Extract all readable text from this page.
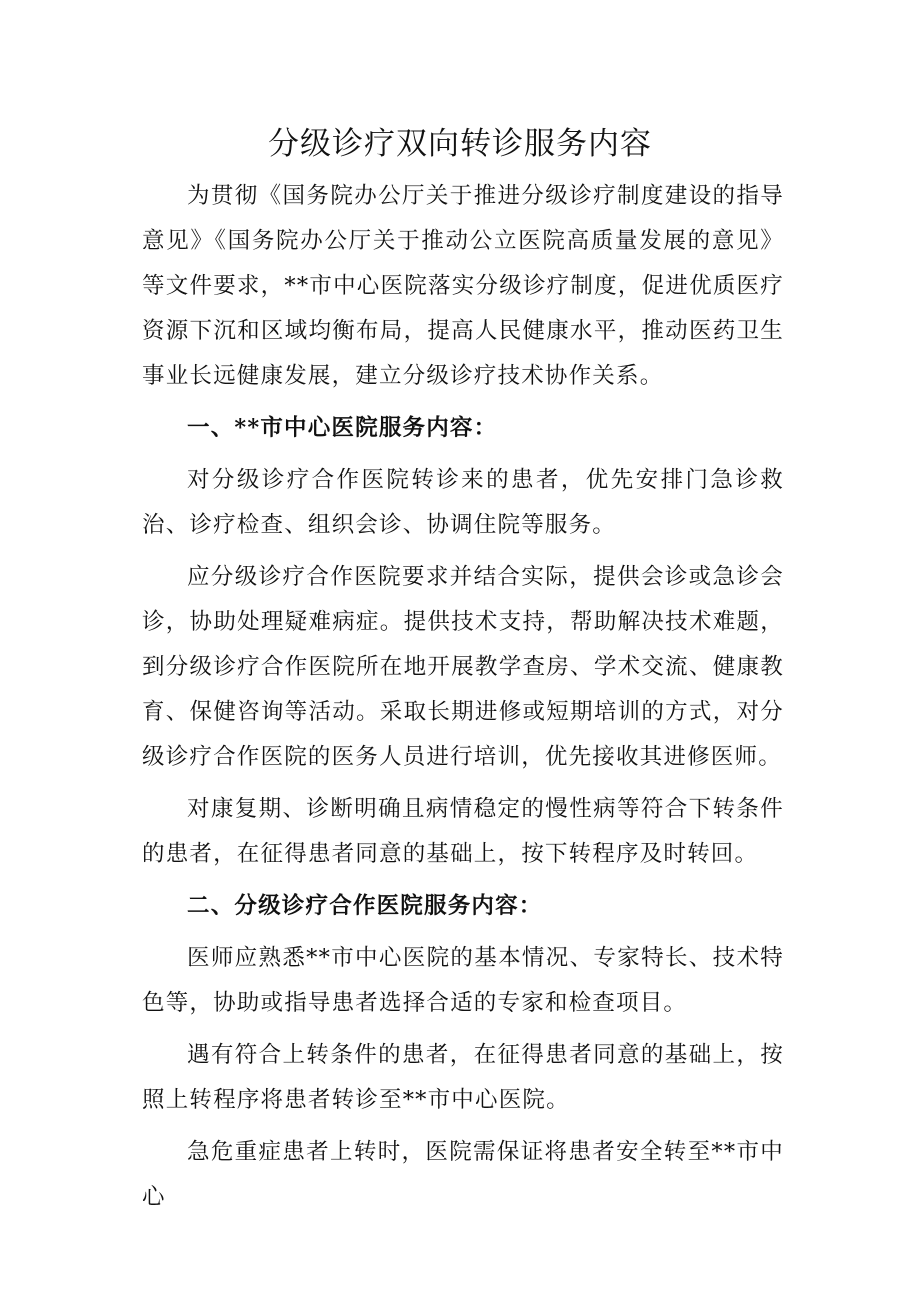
分级诊疗双向转诊服务内容

为贯彻《国务院办公厅关于推进分级诊疗制度建设的指导意见》《国务院办公厅关于推动公立医院高质量发展的意见》等文件要求，**市中心医院落实分级诊疗制度，促进优质医疗资源下沉和区域均衡布局，提高人民健康水平，推动医药卫生事业长远健康发展，建立分级诊疗技术协作关系。

一、**市中心医院服务内容：

对分级诊疗合作医院转诊来的患者，优先安排门急诊救治、诊疗检查、组织会诊、协调住院等服务。

应分级诊疗合作医院要求并结合实际，提供会诊或急诊会诊，协助处理疑难病症。提供技术支持，帮助解决技术难题，到分级诊疗合作医院所在地开展教学查房、学术交流、健康教育、保健咨询等活动。采取长期进修或短期培训的方式，对分级诊疗合作医院的医务人员进行培训，优先接收其进修医师。

对康复期、诊断明确且病情稳定的慢性病等符合下转条件的患者，在征得患者同意的基础上，按下转程序及时转回。

二、分级诊疗合作医院服务内容：

医师应熟悉**市中心医院的基本情况、专家特长、技术特色等，协助或指导患者选择合适的专家和检查项目。

遇有符合上转条件的患者，在征得患者同意的基础上，按照上转程序将患者转诊至**市中心医院。

急危重症患者上转时，医院需保证将患者安全转至**市中心
